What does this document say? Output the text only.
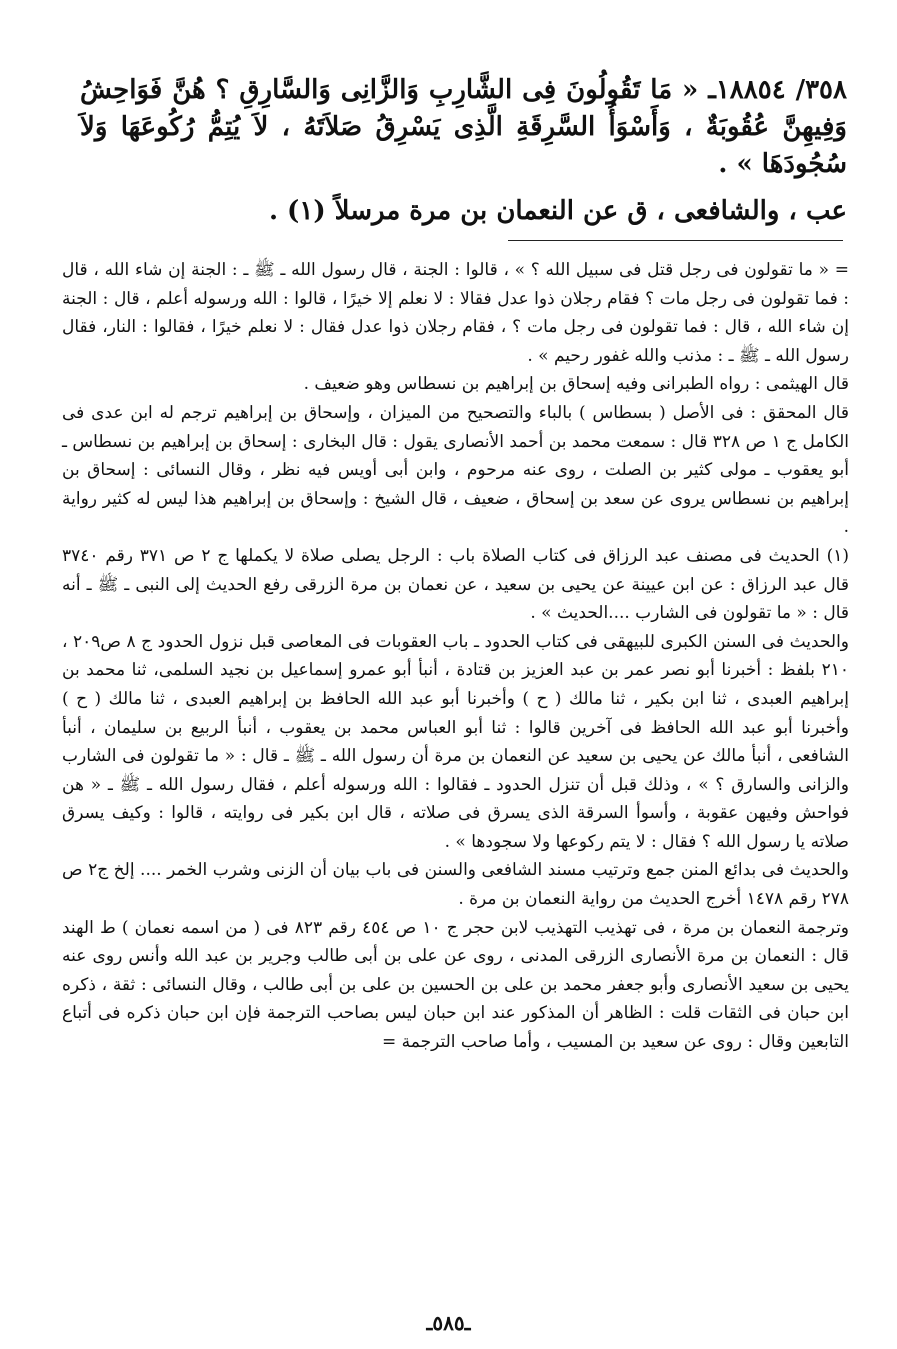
٣٥٨/ ١٨٨٥٤ـ « مَا تَقُولُونَ فِى الشَّارِبِ وَالزَّانِى وَالسَّارِقِ ؟ هُنَّ فَوَاحِشُ وَفِيهِنَّ عُقُوبَةٌ ، وَأَسْوَأُ السَّرِقَةِ الَّذِى يَسْرِقُ صَلاَتَهُ ، لاَ يُتِمُّ رُكُوعَهَا وَلاَ سُجُودَهَا » .

عب ، والشافعى ، ق عن النعمان بن مرة مرسلاً (١) .

= « ما تقولون فى رجل قتل فى سبيل الله ؟ » ، قالوا : الجنة ، قال رسول الله ـ ﷺ ـ : الجنة إن شاء الله ، قال : فما تقولون فى رجل مات ؟ فقام رجلان ذوا عدل فقالا : لا نعلم إلا خيرًا ، قالوا : الله ورسوله أعلم ، قال : الجنة إن شاء الله ، قال : فما تقولون فى رجل مات ؟ ، فقام رجلان ذوا عدل فقال : لا نعلم خيرًا ، فقالوا : النار، فقال رسول الله ـ ﷺ ـ : مذنب والله غفور رحيم » .

قال الهيثمى : رواه الطبرانى وفيه إسحاق بن إبراهيم بن نسطاس وهو ضعيف .

قال المحقق : فى الأصل ( بسطاس ) بالباء والتصحيح من الميزان ، وإسحاق بن إبراهيم ترجم له ابن عدى فى الكامل ج ١ ص ٣٢٨ قال : سمعت محمد بن أحمد الأنصارى يقول : قال البخارى : إسحاق بن إبراهيم بن نسطاس ـ أبو يعقوب ـ مولى كثير بن الصلت ، روى عنه مرحوم ، وابن أبى أويس فيه نظر ، وقال النسائى : إسحاق بن إبراهيم بن نسطاس يروى عن سعد بن إسحاق ، ضعيف ، قال الشيخ : وإسحاق بن إبراهيم هذا ليس له كثير رواية .

(١) الحديث فى مصنف عبد الرزاق فى كتاب الصلاة باب : الرجل يصلى صلاة لا يكملها ج ٢ ص ٣٧١ رقم ٣٧٤٠ قال عبد الرزاق : عن ابن عيينة عن يحيى بن سعيد ، عن نعمان بن مرة الزرقى رفع الحديث إلى النبى ـ ﷺ ـ أنه قال : « ما تقولون فى الشارب ....الحديث » .

والحديث فى السنن الكبرى للبيهقى فى كتاب الحدود ـ باب العقوبات فى المعاصى قبل نزول الحدود ج ٨ ص٢٠٩ ، ٢١٠ بلفظ : أخبرنا أبو نصر عمر بن عبد العزيز بن قتادة ، أنبأ أبو عمرو إسماعيل بن نجيد السلمى، ثنا محمد بن إبراهيم العبدى ، ثنا ابن بكير ، ثنا مالك ( ح ) وأخبرنا أبو عبد الله الحافظ بن إبراهيم العبدى ، ثنا مالك ( ح ) وأخبرنا أبو عبد الله الحافظ فى آخرين قالوا : ثنا أبو العباس محمد بن يعقوب ، أنبأ الربيع بن سليمان ، أنبأ الشافعى ، أنبأ مالك عن يحيى بن سعيد عن النعمان بن مرة أن رسول الله ـ ﷺ ـ قال : « ما تقولون فى الشارب والزانى والسارق ؟ » ، وذلك قبل أن تنزل الحدود ـ فقالوا : الله ورسوله أعلم ، فقال رسول الله ـ ﷺ ـ « هن فواحش وفيهن عقوبة ، وأسوأ السرقة الذى يسرق فى صلاته ، قال ابن بكير فى روايته ، قالوا : وكيف يسرق صلاته يا رسول الله ؟ فقال : لا يتم ركوعها ولا سجودها » .

والحديث فى بدائع المنن جمع وترتيب مسند الشافعى والسنن فى باب بيان أن الزنى وشرب الخمر .... إلخ ج٢ ص ٢٧٨ رقم ١٤٧٨ أخرج الحديث من رواية النعمان بن مرة .

وترجمة النعمان بن مرة ، فى تهذيب التهذيب لابن حجر ج ١٠ ص ٤٥٤ رقم ٨٢٣ فى ( من اسمه نعمان ) ط الهند قال : النعمان بن مرة الأنصارى الزرقى المدنى ، روى عن على بن أبى طالب وجرير بن عبد الله وأنس روى عنه يحيى بن سعيد الأنصارى وأبو جعفر محمد بن على بن الحسين بن على بن أبى طالب ، وقال النسائى : ثقة ، ذكره ابن حبان فى الثقات قلت : الظاهر أن المذكور عند ابن حبان ليس بصاحب الترجمة فإن ابن حبان ذكره فى أتباع التابعين وقال : روى عن سعيد بن المسيب ، وأما صاحب الترجمة =

ـ٥٨٥ـ
